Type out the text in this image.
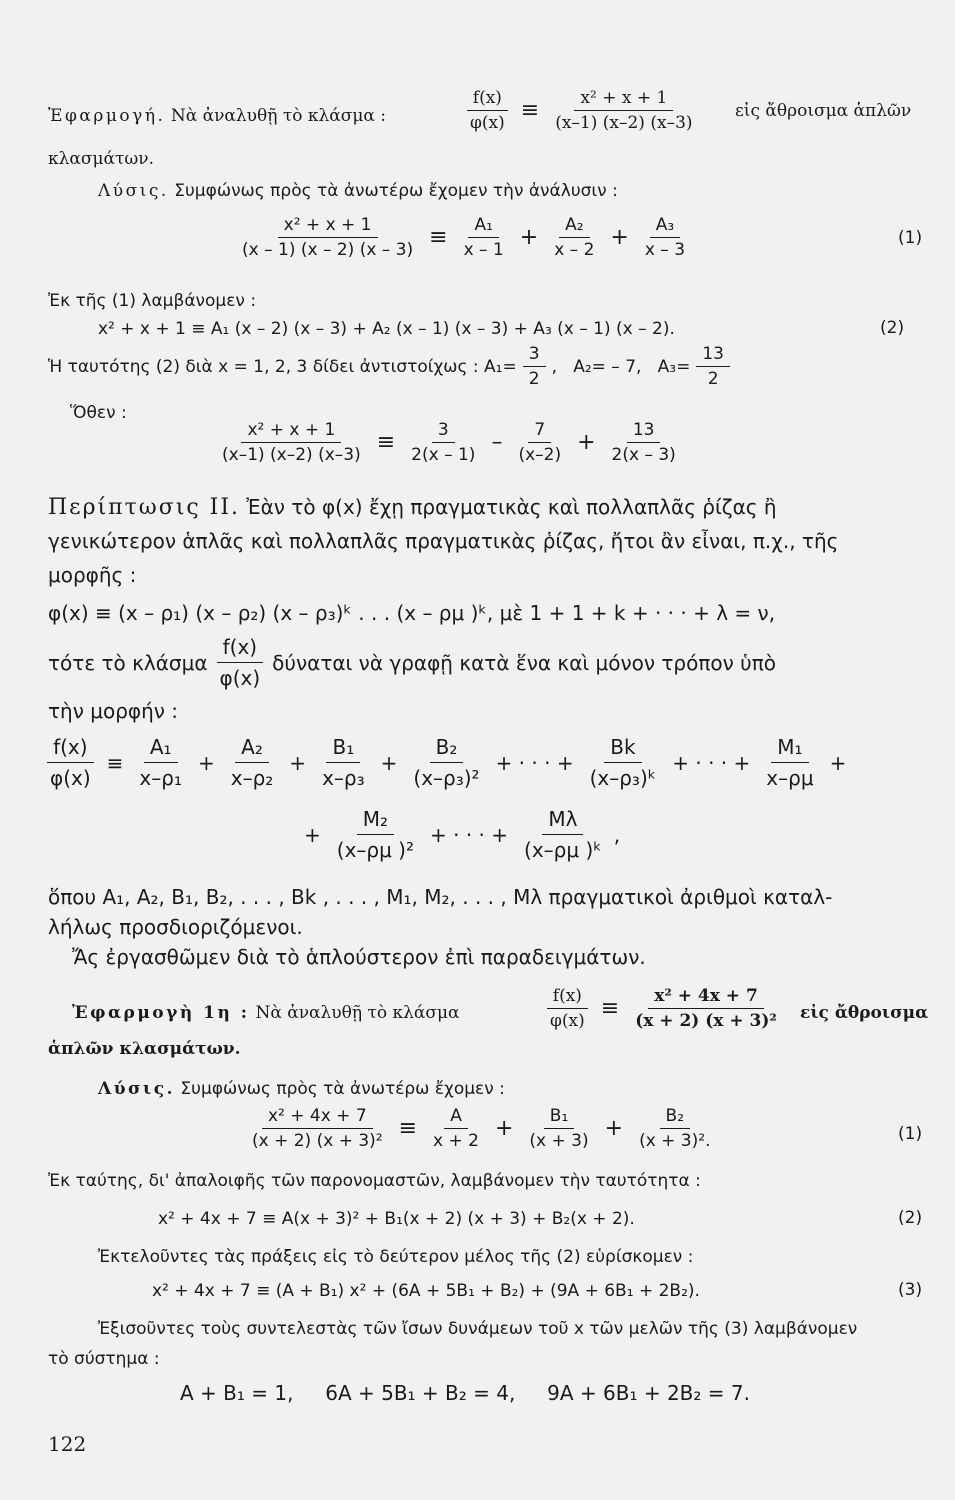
Ἐφαρμογή. Νὰ ἀναλυθῇ τὸ κλάσμα :	$\frac{f(x)}{\varphi(x)} \equiv \frac{\text{x² + x + 1}}{(x-1) (x-2) (x-3)}$ εἰς ἄθροισμα ἁπλῶν
κλασμάτων.
Λύσις. Συμφώνως πρὸς τὰ ἀνωτέρω ἔχομεν τὴν ἀνάλυσιν :
$\frac{\text{x² + x + 1}}{(x - 1) (x - 2) (x - 3)} \equiv \frac{\text{A₁}}{x - 1} + \frac{\text{A₂}}{x - 2} + \frac{\text{A₃}}{x - 3}$	(1)
Ἐκ τῆς (1) λαμβάνομεν :
x² + x + 1 ≡ A₁ (x – 2) (x – 3) + A₂ (x – 1) (x – 3) + A₃ (x – 1) (x – 2).	(2)
Ἡ ταυτότης (2) διὰ x = 1, 2, 3 δίδει ἀντιστοίχως : $A_1= \frac{3}{2}$ ,   A₂= – 7,   $A_3= \frac{13}{2}$
Ὅθεν :
$\frac{\text{x² + x + 1}}{(x-1) (x-2) (x-3)} \equiv \frac{3}{2(x - 1)} - \frac{7}{(x-2)} + \frac{13}{2(x - 3)}$
Περίπτωσις II. Ἐὰν τὸ φ(x) ἔχῃ πραγματικὰς καὶ πολλαπλᾶς ῥίζας ἢ
γενικώτερον ἁπλᾶς καὶ πολλαπλᾶς πραγματικὰς ῥίζας, ἤτοι ἂν εἶναι, π.χ., τῆς
μορφῆς :
φ(x) ≡ (x – ρ₁) (x – ρ₂) (x – ρ₃)ᵏ . . . (x – ρμ )ᵏ, μὲ 1 + 1 + k + · · · + λ = ν,
τότε τὸ κλάσμα $\frac{f(x)}{\varphi(x)}$ δύναται νὰ γραφῇ κατὰ ἕνα καὶ μόνον τρόπον ὑπὸ
τὴν μορφήν :
$\frac{f(x)}{\varphi(x)} \equiv \frac{\text{A₁}}{\text{x–ρ₁}} + \frac{\text{A₂}}{\text{x–ρ₂}} + \frac{\text{B₁}}{\text{x–ρ₃}} + \frac{\text{B₂}}{\text{(x–ρ₃)²}}$ + · · · + $\frac{Bk}{\text{(x–ρ₃)ᵏ}}$ + · · · + $\frac{\text{M₁}}{x-\rho\mu}$ +
+ $\frac{\text{M₂}}{\text{(x–ρμ )²}}$ + · · · + $\frac{M\lambda}{\text{(x–ρμ )ᵏ}}$ ,
ὅπου A₁, A₂, B₁, B₂, . . . , Bk , . . . , M₁, M₂, . . . , Mλ πραγματικοὶ ἀριθμοὶ καταλ-
λήλως προσδιοριζόμενοι.
Ἄς ἐργασθῶμεν διὰ τὸ ἁπλούστερον ἐπὶ παραδειγμάτων.
Ἐφαρμογὴ 1η : Νὰ ἀναλυθῇ τὸ κλάσμα	$\frac{f(x)}{\varphi(x)} \equiv \frac{\text{x² + 4x + 7}}{\text{(x + 2) (x + 3)²}}$ εἰς ἄθροισμα
ἁπλῶν κλασμάτων.
Λύσις. Συμφώνως πρὸς τὰ ἀνωτέρω ἔχομεν :
$\frac{\text{x² + 4x + 7}}{\text{(x + 2) (x + 3)²}} \equiv \frac{A}{x + 2} + \frac{\text{B₁}}{(x + 3)} + \frac{\text{B₂}}{\text{(x + 3)².}}$	(1)
Ἐκ ταύτης, δι' ἀπαλοιφῆς τῶν παρονομαστῶν, λαμβάνομεν τὴν ταυτότητα :
x² + 4x + 7 ≡ A(x + 3)² + B₁(x + 2) (x + 3) + B₂(x + 2).	(2)
Ἐκτελοῦντες τὰς πράξεις εἰς τὸ δεύτερον μέλος τῆς (2) εὑρίσκομεν :
x² + 4x + 7 ≡ (A + B₁) x² + (6A + 5B₁ + B₂) + (9A + 6B₁ + 2B₂).	(3)
Ἐξισοῦντες τοὺς συντελεστὰς τῶν ἴσων δυνάμεων τοῦ x τῶν μελῶν τῆς (3) λαμβάνομεν
τὸ σύστημα :
A + B₁ = 1,     6A + 5B₁ + B₂ = 4,     9A + 6B₁ + 2B₂ = 7.
122
